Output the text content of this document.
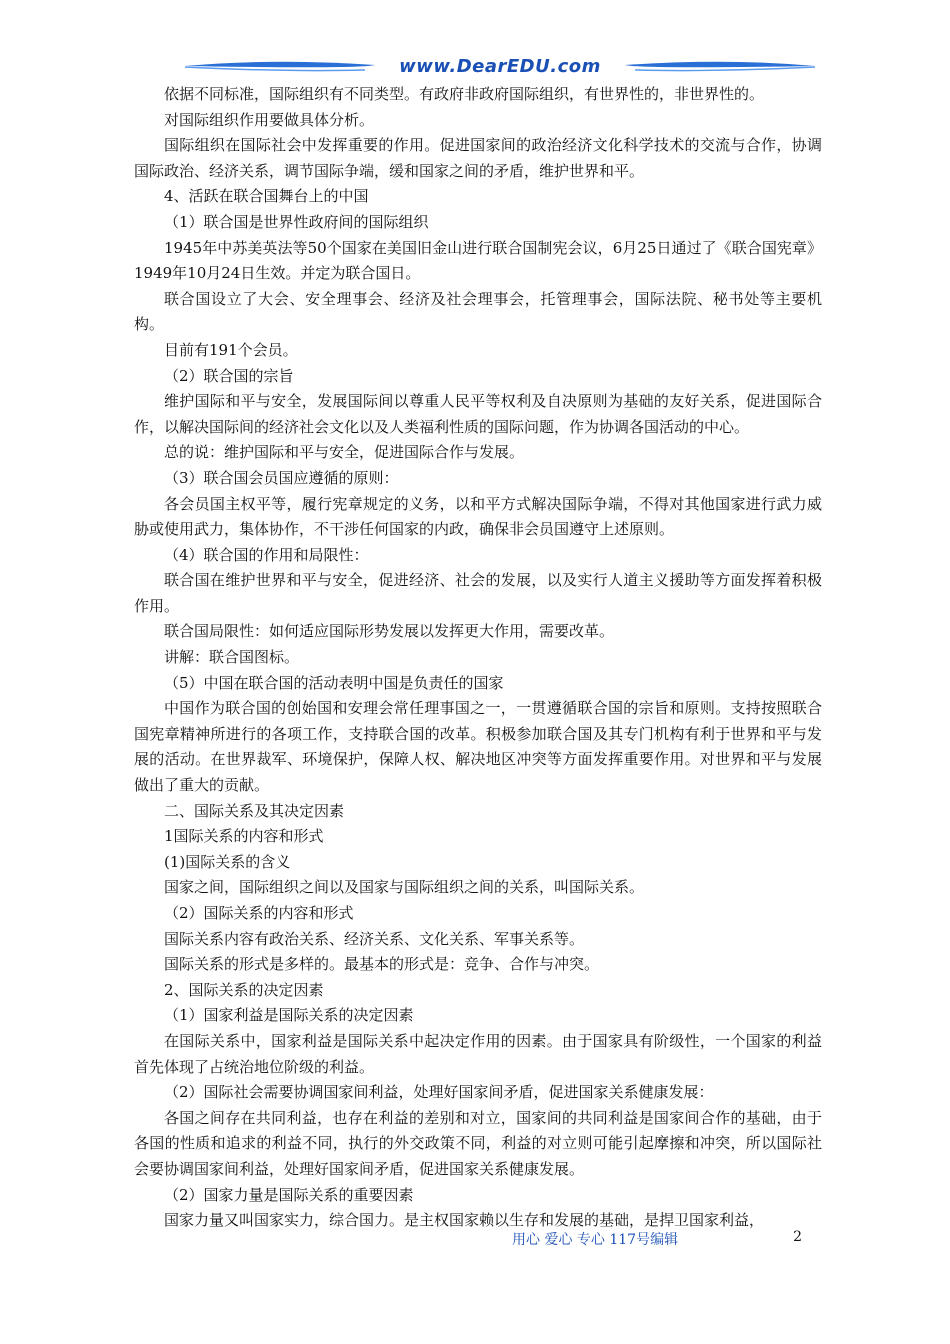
www.DearEDU.com

依据不同标准，国际组织有不同类型。有政府非政府国际组织，有世界性的，非世界性的。

对国际组织作用要做具体分析。

国际组织在国际社会中发挥重要的作用。促进国家间的政治经济文化科学技术的交流与合作，协调国际政治、经济关系，调节国际争端，缓和国家之间的矛盾，维护世界和平。

4、活跃在联合国舞台上的中国

（1）联合国是世界性政府间的国际组织

1945年中苏美英法等50个国家在美国旧金山进行联合国制宪会议，6月25日通过了《联合国宪章》1949年10月24日生效。并定为联合国日。

联合国设立了大会、安全理事会、经济及社会理事会，托管理事会，国际法院、秘书处等主要机构。

目前有191个会员。

（2）联合国的宗旨

维护国际和平与安全，发展国际间以尊重人民平等权利及自决原则为基础的友好关系，促进国际合作，以解决国际间的经济社会文化以及人类福利性质的国际问题，作为协调各国活动的中心。

总的说：维护国际和平与安全，促进国际合作与发展。

（3）联合国会员国应遵循的原则：

各会员国主权平等，履行宪章规定的义务，以和平方式解决国际争端，不得对其他国家进行武力威胁或使用武力，集体协作，不干涉任何国家的内政，确保非会员国遵守上述原则。

（4）联合国的作用和局限性：

联合国在维护世界和平与安全，促进经济、社会的发展，以及实行人道主义援助等方面发挥着积极作用。

联合国局限性：如何适应国际形势发展以发挥更大作用，需要改革。

讲解：联合国图标。

（5）中国在联合国的活动表明中国是负责任的国家

中国作为联合国的创始国和安理会常任理事国之一，一贯遵循联合国的宗旨和原则。支持按照联合国宪章精神所进行的各项工作，支持联合国的改革。积极参加联合国及其专门机构有利于世界和平与发展的活动。在世界裁军、环境保护，保障人权、解决地区冲突等方面发挥重要作用。对世界和平与发展做出了重大的贡献。

二、国际关系及其决定因素

1国际关系的内容和形式

(1)国际关系的含义

国家之间，国际组织之间以及国家与国际组织之间的关系，叫国际关系。

（2）国际关系的内容和形式

国际关系内容有政治关系、经济关系、文化关系、军事关系等。

国际关系的形式是多样的。最基本的形式是：竞争、合作与冲突。

2、国际关系的决定因素

（1）国家利益是国际关系的决定因素

在国际关系中，国家利益是国际关系中起决定作用的因素。由于国家具有阶级性，一个国家的利益首先体现了占统治地位阶级的利益。

（2）国际社会需要协调国家间利益，处理好国家间矛盾，促进国家关系健康发展：

各国之间存在共同利益，也存在利益的差别和对立，国家间的共同利益是国家间合作的基础，由于各国的性质和追求的利益不同，执行的外交政策不同，利益的对立则可能引起摩擦和冲突，所以国际社会要协调国家间利益，处理好国家间矛盾，促进国家关系健康发展。

（2）国家力量是国际关系的重要因素

国家力量又叫国家实力，综合国力。是主权国家赖以生存和发展的基础，是捍卫国家利益，

用心 爱心 专心 117号编辑	2
